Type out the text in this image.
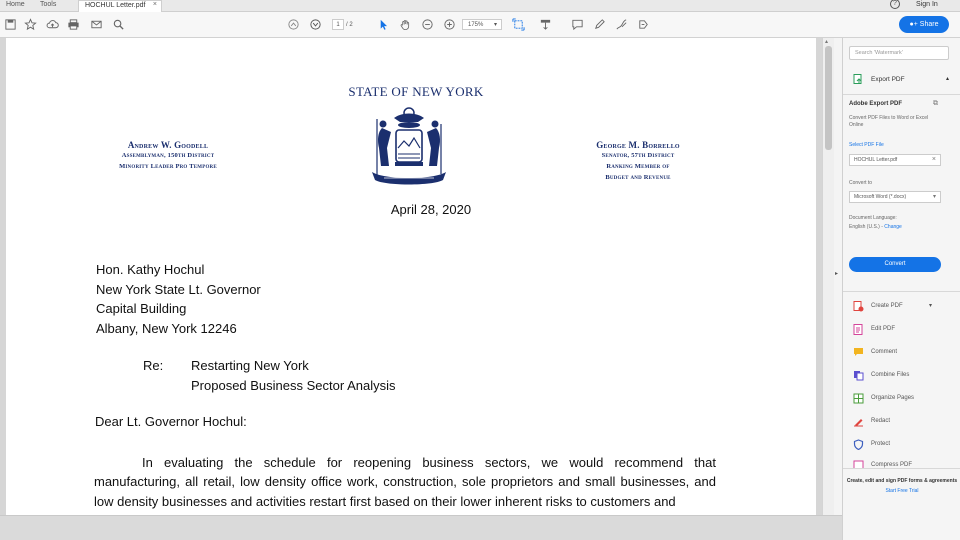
Home Tools	HOCHUL Letter.pdf ×	?	Sign In
1 / 2	175% ▾	●+ Share
STATE OF NEW YORK
Andrew W. Goodell
Assemblyman, 150th District
Minority Leader Pro Tempore
George M. Borrello
Senator, 57th District
Ranking Member of
Budget and Revenue
April 28, 2020
Hon. Kathy Hochul
New York State Lt. Governor
Capital Building
Albany, New York 12246
Re: Restarting New York
Proposed Business Sector Analysis
Dear Lt. Governor Hochul:

In evaluating the schedule for reopening business sectors, we would recommend that manufacturing, all retail, low density office work, construction, sole proprietors and small businesses, and low density businesses and activities restart first based on their lower inherent risks to customers and

▴
▸
Search 'Watermark'
Export PDF	▴
Adobe Export PDF	⧉
Convert PDF Files to Word or Excel Online
Select PDF File
HOCHUL Letter.pdf	×
Convert to
Microsoft Word (*.docx)	▾
Document Language:
English (U.S.) - Change
Convert
Create PDF	▾
Edit PDF
Comment
Combine Files
Organize Pages
Redact
Protect
Compress PDF
Create, edit and sign PDF forms & agreements
Start Free Trial
